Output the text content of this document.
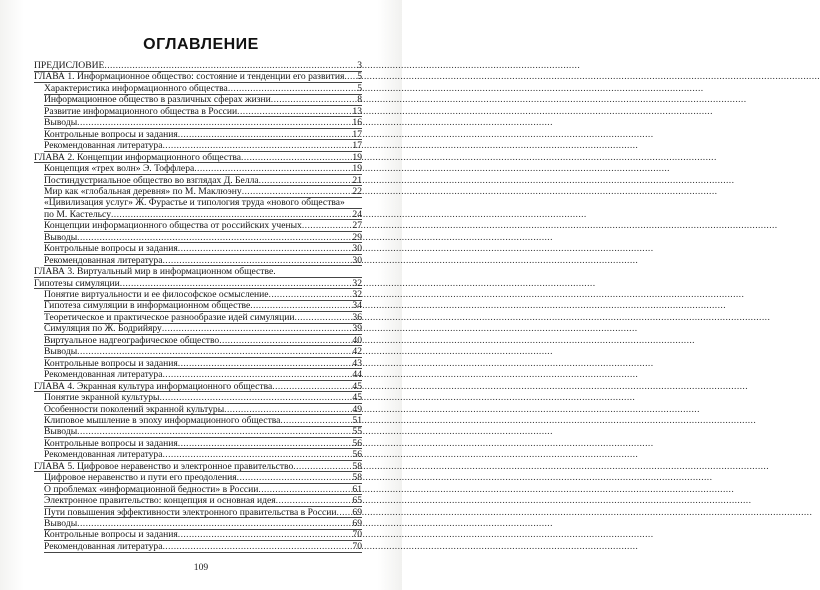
ОГЛАВЛЕНИЕ
ПРЕДИСЛОВИЕ .....	3
ГЛАВА 1. Информационное общество: состояние и тенденции его развития ..... 5
Характеристика информационного общества .....	5
Информационное общество в различных сферах жизни .....	8
Развитие информационного общества в России .....	13
Выводы .....	16
Контрольные вопросы и задания .....	17
Рекомендованная литература .....	17
ГЛАВА 2. Концепции информационного общества .....	19
Концепция «трех волн» Э. Тоффлера .....	19
Постиндустриальное общество во взглядах Д. Белла .....	21
Мир как «глобальная деревня» по М. Маклюэну .....	22
«Цивилизация услуг» Ж. Фурастье и типология труда «нового общества»
по М. Кастельсу .....	24
Концепции информационного общества от российских ученых .....	27
Выводы .....	29
Контрольные вопросы и задания .....	30
Рекомендованная литература .....	30
ГЛАВА 3. Виртуальный мир в информационном обществе.
Гипотезы симуляции .....	32
Понятие виртуальности и ее философское осмысление .....	32
Гипотеза симуляции в информационном обществе .....	34
Теоретическое и практическое разнообразие идей симуляции .....	36
Симуляция по Ж. Бодрийяру .....	39
Виртуальное надгеографическое общество .....	40
Выводы .....	42
Контрольные вопросы и задания .....	43
Рекомендованная литература .....	44
ГЛАВА 4. Экранная культура информационного общества .....	45
Понятие экранной культуры .....	45
Особенности поколений экранной культуры .....	49
Клиповое мышление в эпоху информационного общества .....	51
Выводы .....	55
Контрольные вопросы и задания .....	56
Рекомендованная литература .....	56
ГЛАВА 5. Цифровое неравенство и электронное правительство .....	58
Цифровое неравенство и пути его преодоления .....	58
О проблемах «информационной бедности» в России .....	61
Электронное правительство: концепция и основная идея .....	65
Пути повышения эффективности электронного правительства в России ..... 69
Выводы .....	69
Контрольные вопросы и задания .....	70
Рекомендованная литература .....	70
109
